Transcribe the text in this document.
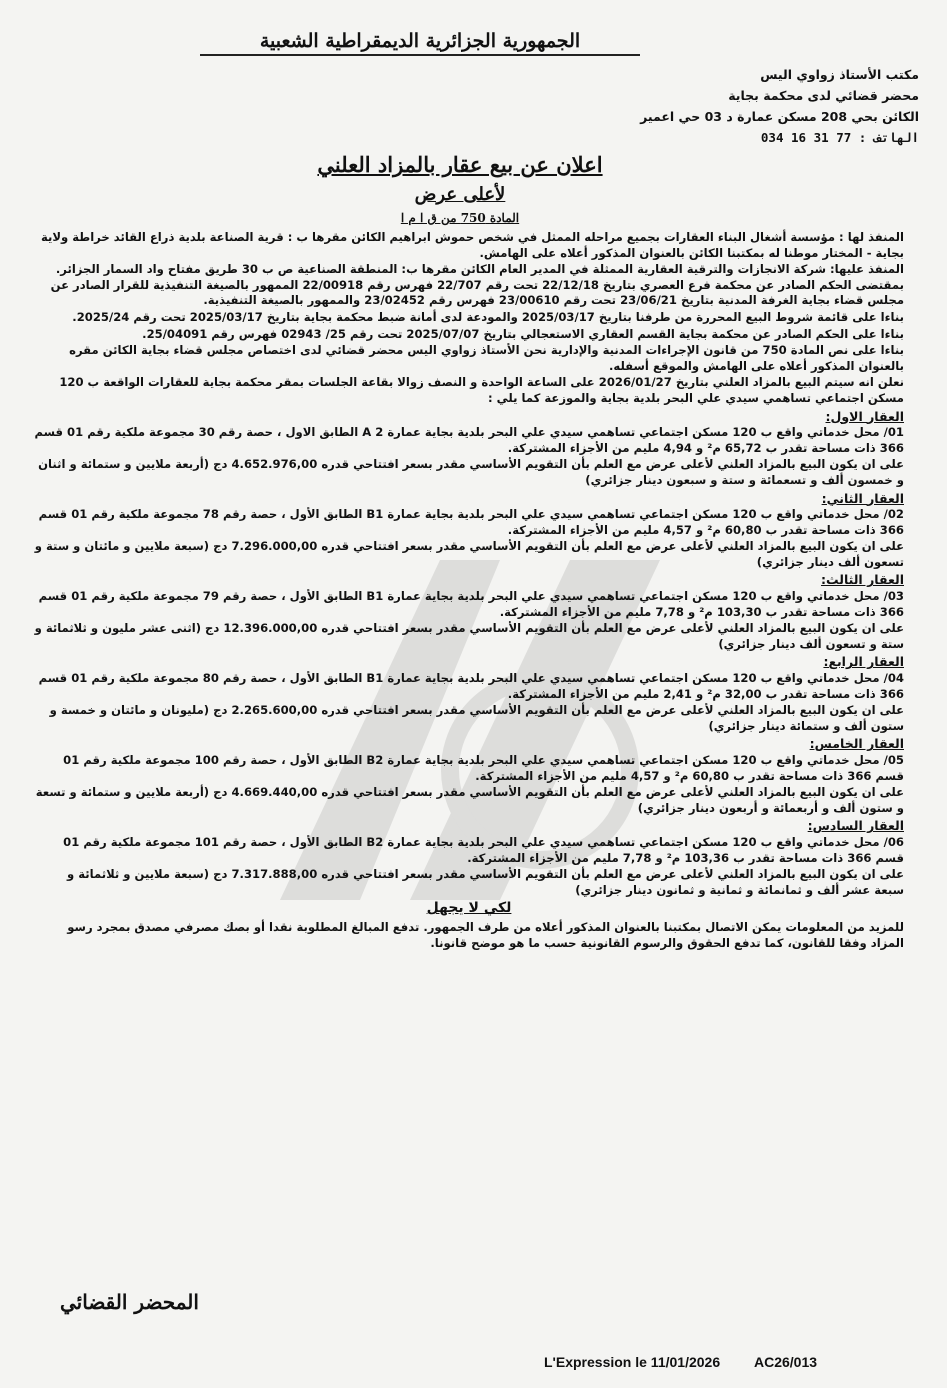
الجمهورية الجزائرية الديمقراطية الشعبية
مكتب الأستاذ زواوي اليس
محضر قضائي لدى محكمة بجاية
الكائن بحي 208 مسكن عمارة د 03 حي اعمير
الهاتف : 77 31 16 034
اعلان عن بيع عقار بالمزاد العلني
لأعلى عرض
المادة 750 من ق ا م ا

المنفذ لها : مؤسسة أشغال البناء العقارات بجميع مراحله الممثل في شخص حموش ابراهيم الكائن مقرها ب : قرية الصناعة بلدية ذراع القائد خراطة ولاية بجاية - المختار موطنا له بمكتبنا الكائن بالعنوان المذكور أعلاه على الهامش.

المنفذ عليها: شركة الانجازات والترقية العقارية الممثلة في المدير العام الكائن مقرها ب: المنطقة الصناعية ص ب 30 طريق مفتاح واد السمار الجزائر. بمقتضى الحكم الصادر عن محكمة فرع العصري بتاريخ 22/12/18 تحت رقم 22/707 فهرس رقم 22/00918 الممهور بالصيغة التنفيذية للقرار الصادر عن مجلس قضاء بجاية الغرفة المدنية بتاريخ 23/06/21 تحت رقم 23/00610 فهرس رقم 23/02452 والممهور بالصيغة التنفيذية.

بناءا على قائمة شروط البيع المحررة من طرفنا بتاريخ 2025/03/17 والمودعة لدى أمانة ضبط محكمة بجاية بتاريخ 2025/03/17 تحت رقم 2025/24.

بناءا على الحكم الصادر عن محكمة بجاية القسم العقاري الاستعجالي بتاريخ 2025/07/07 تحت رقم 25/ 02943 فهرس رقم 25/04091.

بناءا على نص المادة 750 من قانون الإجراءات المدنية والإدارية نحن الأستاذ زواوي اليس محضر قضائي لدى اختصاص مجلس قضاء بجاية الكائن مقره بالعنوان المذكور أعلاه على الهامش والموقع أسفله.

نعلن انه سيتم البيع بالمزاد العلني بتاريخ 2026/01/27 على الساعة الواحدة و النصف زوالا بقاعة الجلسات بمقر محكمة بجاية للعقارات الواقعة ب 120 مسكن اجتماعي تساهمي سيدي علي البحر بلدية بجاية والموزعة كما يلي :

العقار الاول:

01/ محل خدماتي واقع ب 120 مسكن اجتماعي تساهمي سيدي علي البحر بلدية بجاية عمارة A 2 الطابق الاول ، حصة رقم 30 مجموعة ملكية رقم 01 قسم 366 ذات مساحة تقدر ب 65,72 م² و 4,94 مليم من الأجزاء المشتركة.

على ان يكون البيع بالمزاد العلني لأعلى عرض مع العلم بأن التقويم الأساسي مقدر بسعر افتتاحي قدره 4.652.976,00 دج (أربعة ملايين و ستمائة و اثنان و خمسون ألف و تسعمائة و ستة و سبعون دينار جزائري)

العقار الثاني:

02/ محل خدماتي واقع ب 120 مسكن اجتماعي تساهمي سيدي علي البحر بلدية بجاية عمارة B1 الطابق الأول ، حصة رقم 78 مجموعة ملكية رقم 01 قسم 366 ذات مساحة تقدر ب 60,80 م² و 4,57 مليم من الأجزاء المشتركة.

على ان يكون البيع بالمزاد العلني لأعلى عرض مع العلم بأن التقويم الأساسي مقدر بسعر افتتاحي قدره 7.296.000,00 دج (سبعة ملايين و مائتان و ستة و تسعون ألف دينار جزائري)

العقار الثالث:

03/ محل خدماتي واقع ب 120 مسكن اجتماعي تساهمي سيدي علي البحر بلدية بجاية عمارة B1 الطابق الأول ، حصة رقم 79 مجموعة ملكية رقم 01 قسم 366 ذات مساحة تقدر ب 103,30 م² و 7,78 مليم من الأجزاء المشتركة.

على ان يكون البيع بالمزاد العلني لأعلى عرض مع العلم بأن التقويم الأساسي مقدر بسعر افتتاحي قدره 12.396.000,00 دج (اثنى عشر مليون و ثلاثمائة و ستة و تسعون ألف دينار جزائري)

العقار الرابع:

04/ محل خدماتي واقع ب 120 مسكن اجتماعي تساهمي سيدي علي البحر بلدية بجاية عمارة B1 الطابق الأول ، حصة رقم 80 مجموعة ملكية رقم 01 قسم 366 ذات مساحة تقدر ب 32,00 م² و 2,41 مليم من الأجزاء المشتركة.

على ان يكون البيع بالمزاد العلني لأعلى عرض مع العلم بأن التقويم الأساسي مقدر بسعر افتتاحي قدره 2.265.600,00 دج (مليونان و مائتان و خمسة و ستون ألف و ستمائة دينار جزائري)

العقار الخامس:

05/ محل خدماتي واقع ب 120 مسكن اجتماعي تساهمي سيدي علي البحر بلدية بجاية عمارة B2 الطابق الأول ، حصة رقم 100 مجموعة ملكية رقم 01 قسم 366 ذات مساحة تقدر ب 60,80 م² و 4,57 مليم من الأجزاء المشتركة.

على ان يكون البيع بالمزاد العلني لأعلى عرض مع العلم بأن التقويم الأساسي مقدر بسعر افتتاحي قدره 4.669.440,00 دج (أربعة ملايين و ستمائة و تسعة و ستون ألف و أربعمائة و أربعون دينار جزائري)

العقار السادس:

06/ محل خدماتي واقع ب 120 مسكن اجتماعي تساهمي سيدي علي البحر بلدية بجاية عمارة B2 الطابق الأول ، حصة رقم 101 مجموعة ملكية رقم 01 قسم 366 ذات مساحة تقدر ب 103,36 م² و 7,78 مليم من الأجزاء المشتركة.

على ان يكون البيع بالمزاد العلني لأعلى عرض مع العلم بأن التقويم الأساسي مقدر بسعر افتتاحي قدره 7.317.888,00 دج (سبعة ملايين و ثلاثمائة و سبعة عشر ألف و ثمانمائة و ثمانية و ثمانون دينار جزائري)

لكي لا يجهل

للمزيد من المعلومات يمكن الاتصال بمكتبنا بالعنوان المذكور أعلاه من طرف الجمهور. تدفع المبالغ المطلوبة نقدا أو بصك مصرفي مصدق بمجرد رسو المزاد وفقا للقانون، كما تدفع الحقوق والرسوم القانونية حسب ما هو موضح قانونا.

المحضر القضائي
L'Expression le 11/01/2026 AC26/013
